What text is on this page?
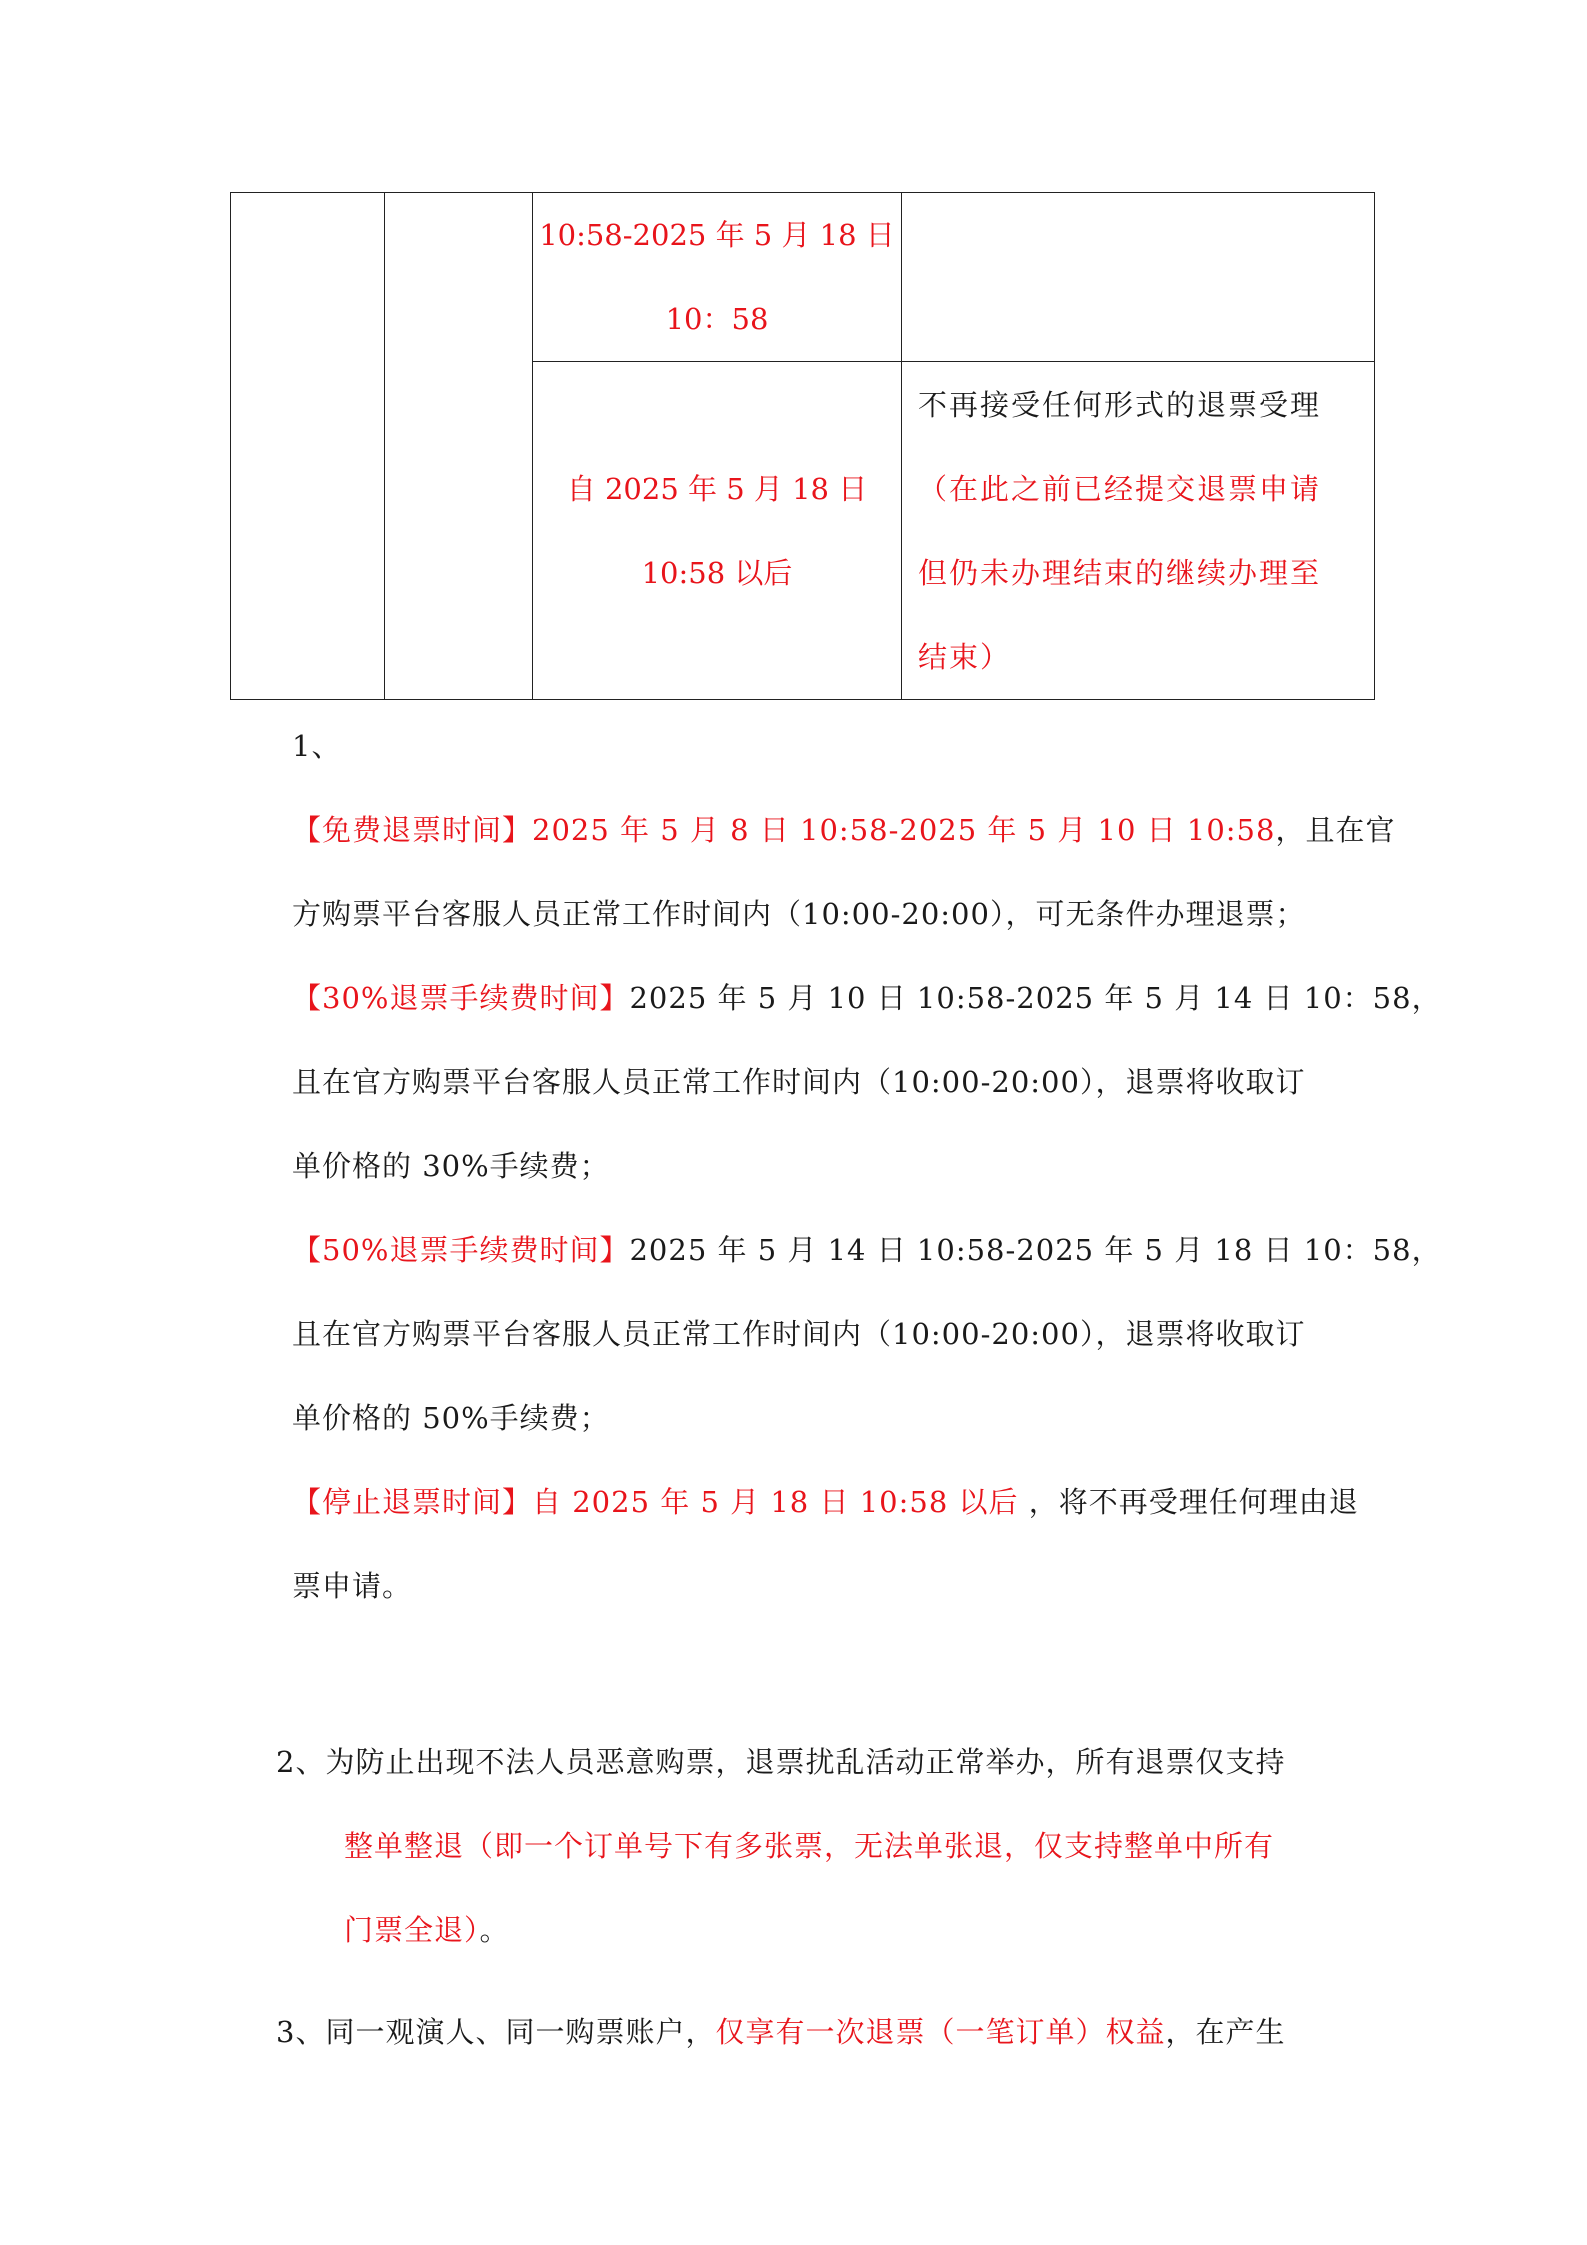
		10:58-2025 年 5 月 18 日
10：58	

		自 2025 年 5 月 18 日
10:58 以后	不再接受任何形式的退票受理
（在此之前已经提交退票申请
但仍未办理结束的继续办理至
结束）
1、
【免费退票时间】2025 年 5 月 8 日 10:58-2025 年 5 月 10 日 10:58，且在官
方购票平台客服人员正常工作时间内（10:00-20:00），可无条件办理退票；
【30%退票手续费时间】2025 年 5 月 10 日 10:58-2025 年 5 月 14 日 10：58，
且在官方购票平台客服人员正常工作时间内（10:00-20:00），退票将收取订
单价格的 30%手续费；
【50%退票手续费时间】2025 年 5 月 14 日 10:58-2025 年 5 月 18 日 10：58，
且在官方购票平台客服人员正常工作时间内（10:00-20:00），退票将收取订
单价格的 50%手续费；
【停止退票时间】自 2025 年 5 月 18 日 10:58 以后 ，将不再受理任何理由退
票申请。
2、为防止出现不法人员恶意购票，退票扰乱活动正常举办，所有退票仅支持
整单整退（即一个订单号下有多张票，无法单张退，仅支持整单中所有
门票全退）。
3、同一观演人、同一购票账户，仅享有一次退票（一笔订单）权益，在产生
